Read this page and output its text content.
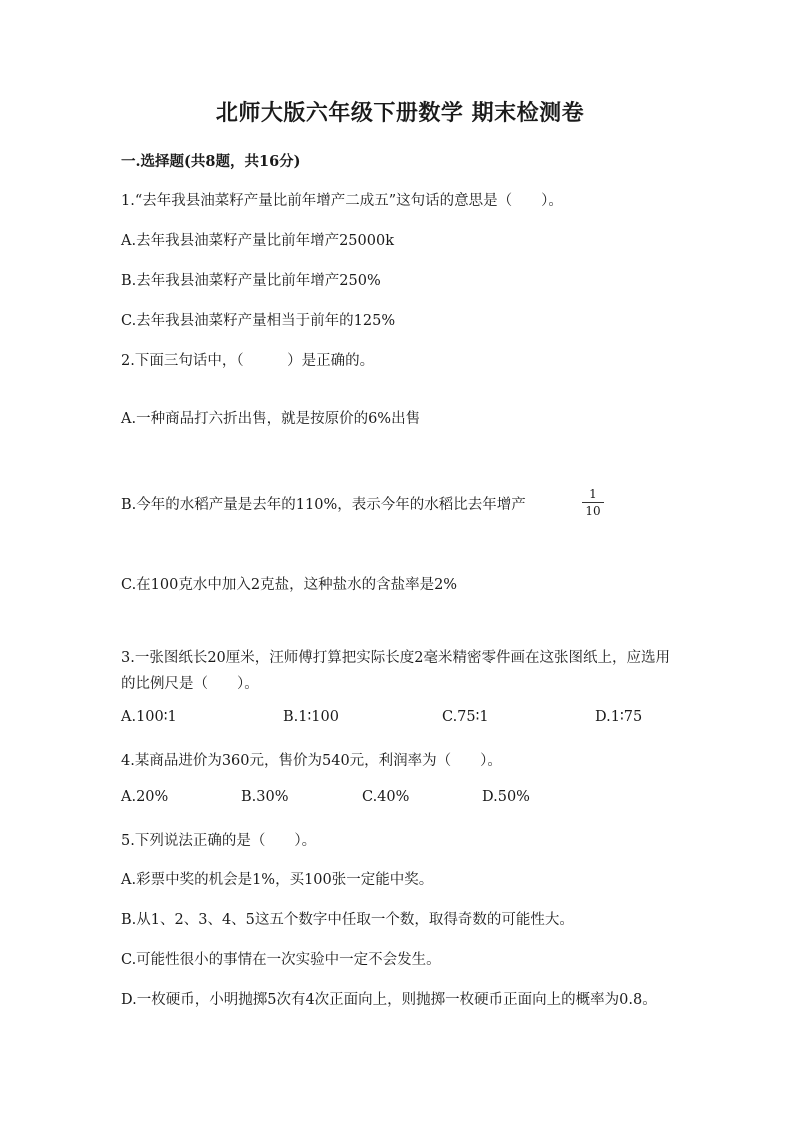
北师大版六年级下册数学 期末检测卷
一.选择题(共8题，共16分)
1.“去年我县油菜籽产量比前年增产二成五”这句话的意思是（　　）。
A.去年我县油菜籽产量比前年增产25000k
B.去年我县油菜籽产量比前年增产250%
C.去年我县油菜籽产量相当于前年的125%
2.下面三句话中，（　　　）是正确的。
A.一种商品打六折出售，就是按原价的6%出售
B.今年的水稻产量是去年的110%，表示今年的水稻比去年增产
1
10
C.在100克水中加入2克盐，这种盐水的含盐率是2%
3.一张图纸长20厘米，汪师傅打算把实际长度2毫米精密零件画在这张图纸上，应选用的比例尺是（　　）。
A.100∶1	B.1∶100	C.75∶1	D.1∶75
4.某商品进价为360元，售价为540元，利润率为（　　）。
A.20%	B.30%	C.40%	D.50%
5.下列说法正确的是（　　）。
A.彩票中奖的机会是1%，买100张一定能中奖。
B.从1、2、3、4、5这五个数字中任取一个数，取得奇数的可能性大。
C.可能性很小的事情在一次实验中一定不会发生。
D.一枚硬币，小明抛掷5次有4次正面向上，则抛掷一枚硬币正面向上的概率为0.8。
